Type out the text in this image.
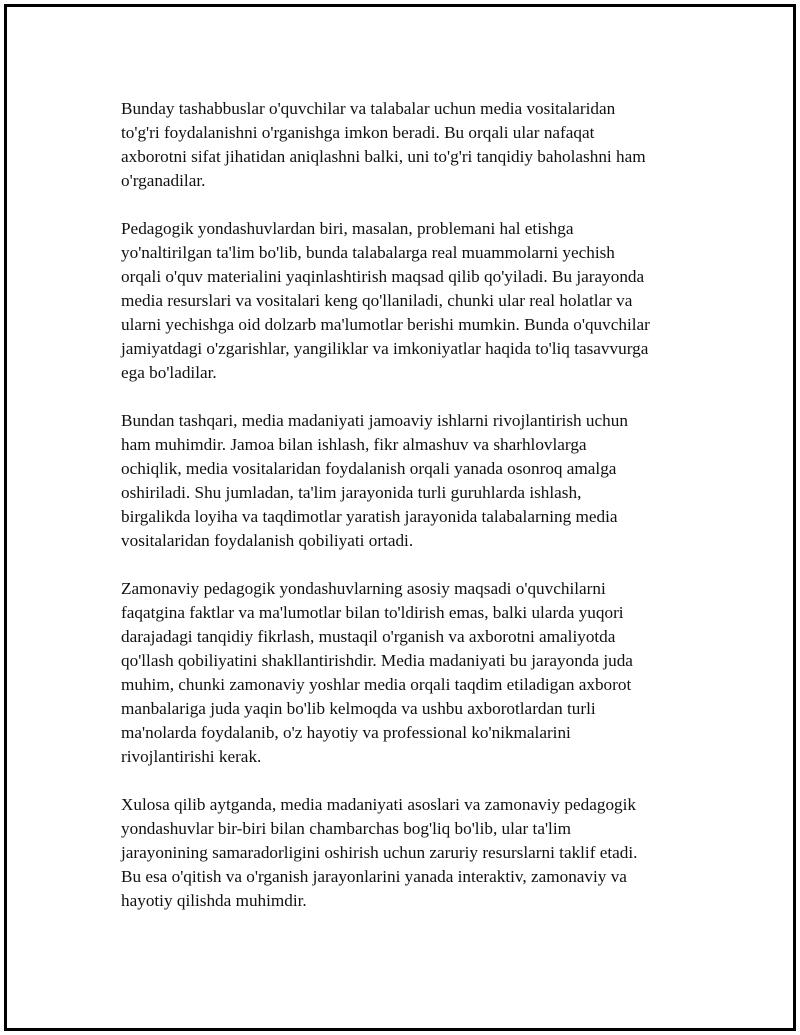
Bunday tashabbuslar o'quvchilar va talabalar uchun media vositalaridan
to'g'ri foydalanishni o'rganishga imkon beradi. Bu orqali ular nafaqat
axborotni sifat jihatidan aniqlashni balki, uni to'g'ri tanqidiy baholashni ham
o'rganadilar.

Pedagogik yondashuvlardan biri, masalan, problemani hal etishga
yo'naltirilgan ta'lim bo'lib, bunda talabalarga real muammolarni yechish
orqali o'quv materialini yaqinlashtirish maqsad qilib qo'yiladi. Bu jarayonda
media resurslari va vositalari keng qo'llaniladi, chunki ular real holatlar va
ularni yechishga oid dolzarb ma'lumotlar berishi mumkin. Bunda o'quvchilar
jamiyatdagi o'zgarishlar, yangiliklar va imkoniyatlar haqida to'liq tasavvurga
ega bo'ladilar.

Bundan tashqari, media madaniyati jamoaviy ishlarni rivojlantirish uchun
ham muhimdir. Jamoa bilan ishlash, fikr almashuv va sharhlovlarga
ochiqlik, media vositalaridan foydalanish orqali yanada osonroq amalga
oshiriladi. Shu jumladan, ta'lim jarayonida turli guruhlarda ishlash,
birgalikda loyiha va taqdimotlar yaratish jarayonida talabalarning media
vositalaridan foydalanish qobiliyati ortadi.

Zamonaviy pedagogik yondashuvlarning asosiy maqsadi o'quvchilarni
faqatgina faktlar va ma'lumotlar bilan to'ldirish emas, balki ularda yuqori
darajadagi tanqidiy fikrlash, mustaqil o'rganish va axborotni amaliyotda
qo'llash qobiliyatini shakllantirishdir. Media madaniyati bu jarayonda juda
muhim, chunki zamonaviy yoshlar media orqali taqdim etiladigan axborot
manbalariga juda yaqin bo'lib kelmoqda va ushbu axborotlardan turli
ma'nolarda foydalanib, o'z hayotiy va professional ko'nikmalarini
rivojlantirishi kerak.

Xulosa qilib aytganda, media madaniyati asoslari va zamonaviy pedagogik
yondashuvlar bir-biri bilan chambarchas bog'liq bo'lib, ular ta'lim
jarayonining samaradorligini oshirish uchun zaruriy resurslarni taklif etadi.
Bu esa o'qitish va o'rganish jarayonlarini yanada interaktiv, zamonaviy va
hayotiy qilishda muhimdir.
